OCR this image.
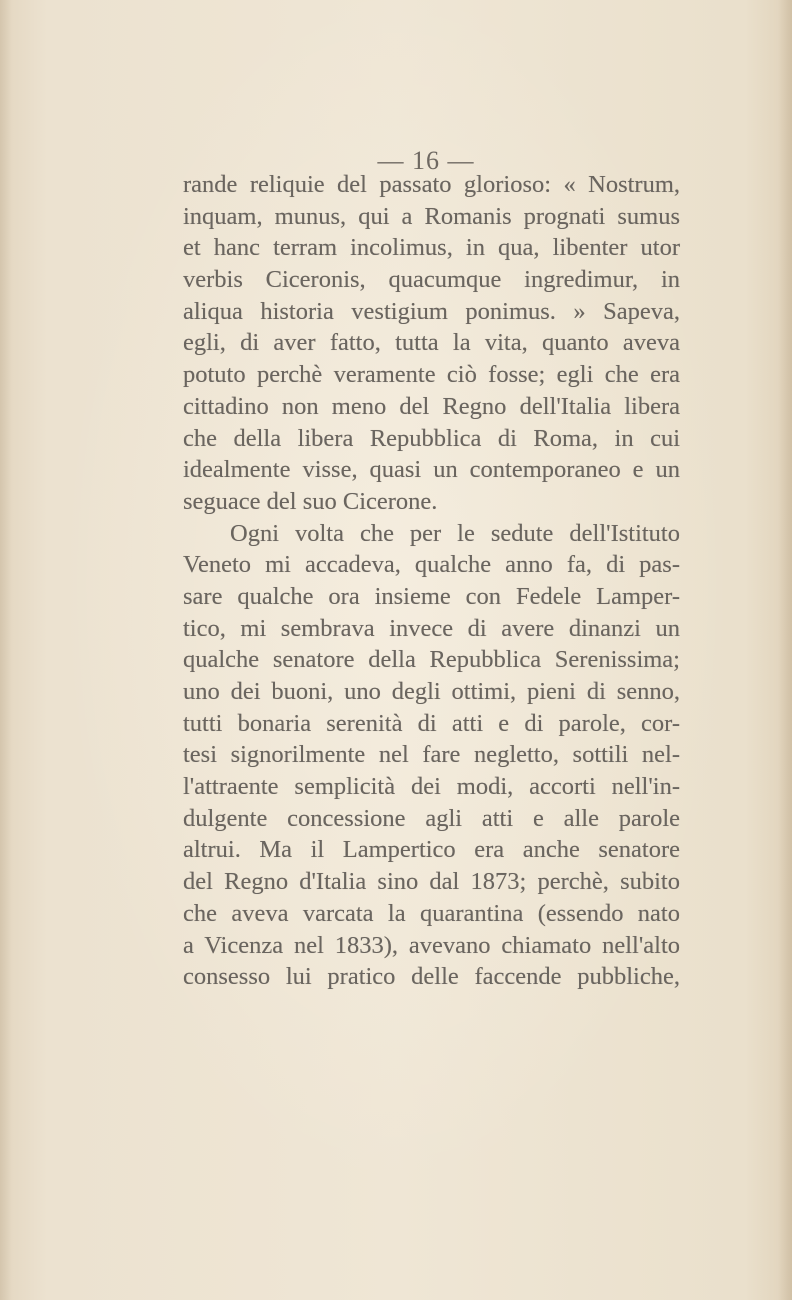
— 16 —
rande reliquie del passato glorioso: « Nostrum,
inquam, munus, qui a Romanis prognati sumus
et hanc terram incolimus, in qua, libenter utor
verbis Ciceronis, quacumque ingredimur, in
aliqua historia vestigium ponimus. » Sapeva,
egli, di aver fatto, tutta la vita, quanto aveva
potuto perchè veramente ciò fosse; egli che era
cittadino non meno del Regno dell'Italia libera
che della libera Repubblica di Roma, in cui
idealmente visse, quasi un contemporaneo e un
seguace del suo Cicerone.
Ogni volta che per le sedute dell'Istituto
Veneto mi accadeva, qualche anno fa, di pas-
sare qualche ora insieme con Fedele Lamper-
tico, mi sembrava invece di avere dinanzi un
qualche senatore della Repubblica Serenissima;
uno dei buoni, uno degli ottimi, pieni di senno,
tutti bonaria serenità di atti e di parole, cor-
tesi signorilmente nel fare negletto, sottili nel-
l'attraente semplicità dei modi, accorti nell'in-
dulgente concessione agli atti e alle parole
altrui. Ma il Lampertico era anche senatore
del Regno d'Italia sino dal 1873; perchè, subito
che aveva varcata la quarantina (essendo nato
a Vicenza nel 1833), avevano chiamato nell'alto
consesso lui pratico delle faccende pubbliche,
